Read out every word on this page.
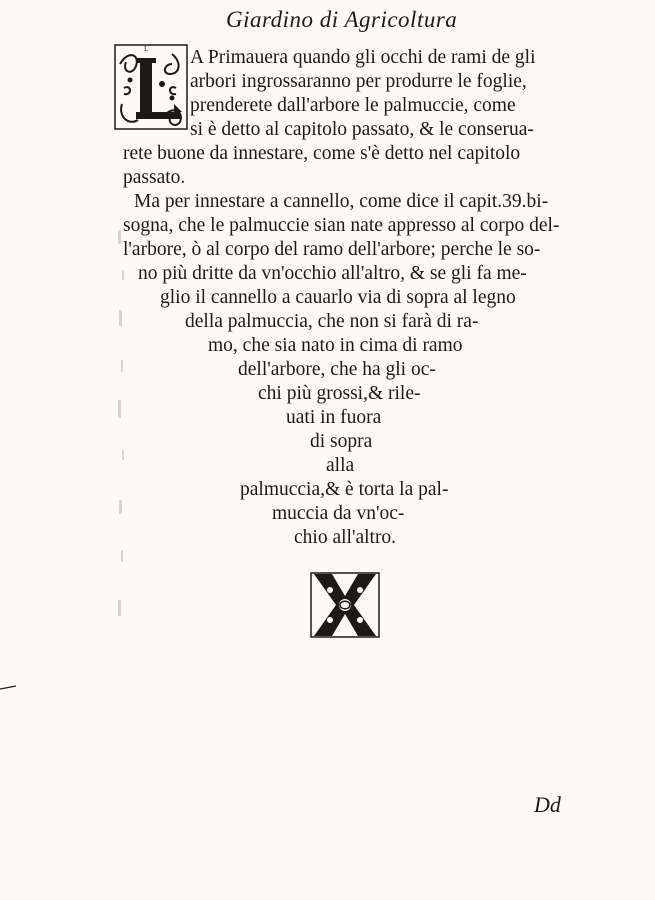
Giardino di Agricoltura
L A Primauera quando gli occhi de rami de gli
arbori ingrossaranno per produrre le foglie,
prenderete dall'arbore le palmuccie, come
si è detto al capitolo passato, & le conserua-
rete buone da innestare, come s'è detto nel capitolo
passato.
Ma per innestare a cannello, come dice il capit.39.bi-
sogna, che le palmuccie sian nate appresso al corpo del-
l'arbore, ò al corpo del ramo dell'arbore; perche le so-
no più dritte da vn'occhio all'altro, & se gli fa me-
glio il cannello a cauarlo via di sopra al legno
della palmuccia, che non si farà di ra-
mo, che sia nato in cima di ramo
dell'arbore, che ha gli oc-
chi più grossi,& rile-
uati in fuora
di sopra
alla
palmuccia,& è torta la pal-
muccia da vn'oc-
chio all'altro.
Dd
